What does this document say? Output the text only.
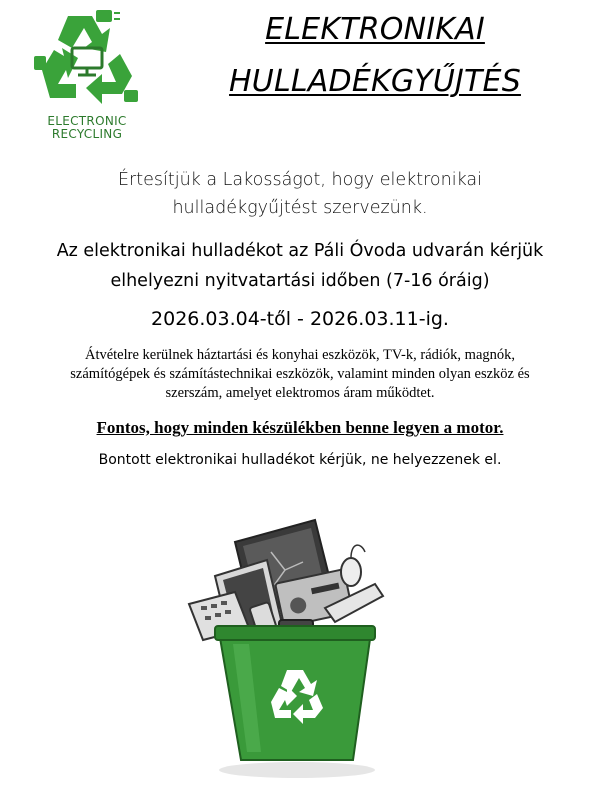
ELECTRONIC
RECYCLING
ELEKTRONIKAI
HULLADÉKGYŰJTÉS
Értesítjük a Lakosságot, hogy elektronikai
hulladékgyűjtést szervezünk.
Az elektronikai hulladékot az Páli Óvoda udvarán kérjük
elhelyezni nyitvatartási időben (7-16 óráig)
2026.03.04-től - 2026.03.11-ig.
Átvételre kerülnek háztartási és konyhai eszközök, TV-k, rádiók, magnók,
számítógépek és számítástechnikai eszközök, valamint minden olyan eszköz és
szerszám, amelyet elektromos áram működtet.
Fontos, hogy minden készülékben benne legyen a motor.
Bontott elektronikai hulladékot kérjük, ne helyezzenek el.
